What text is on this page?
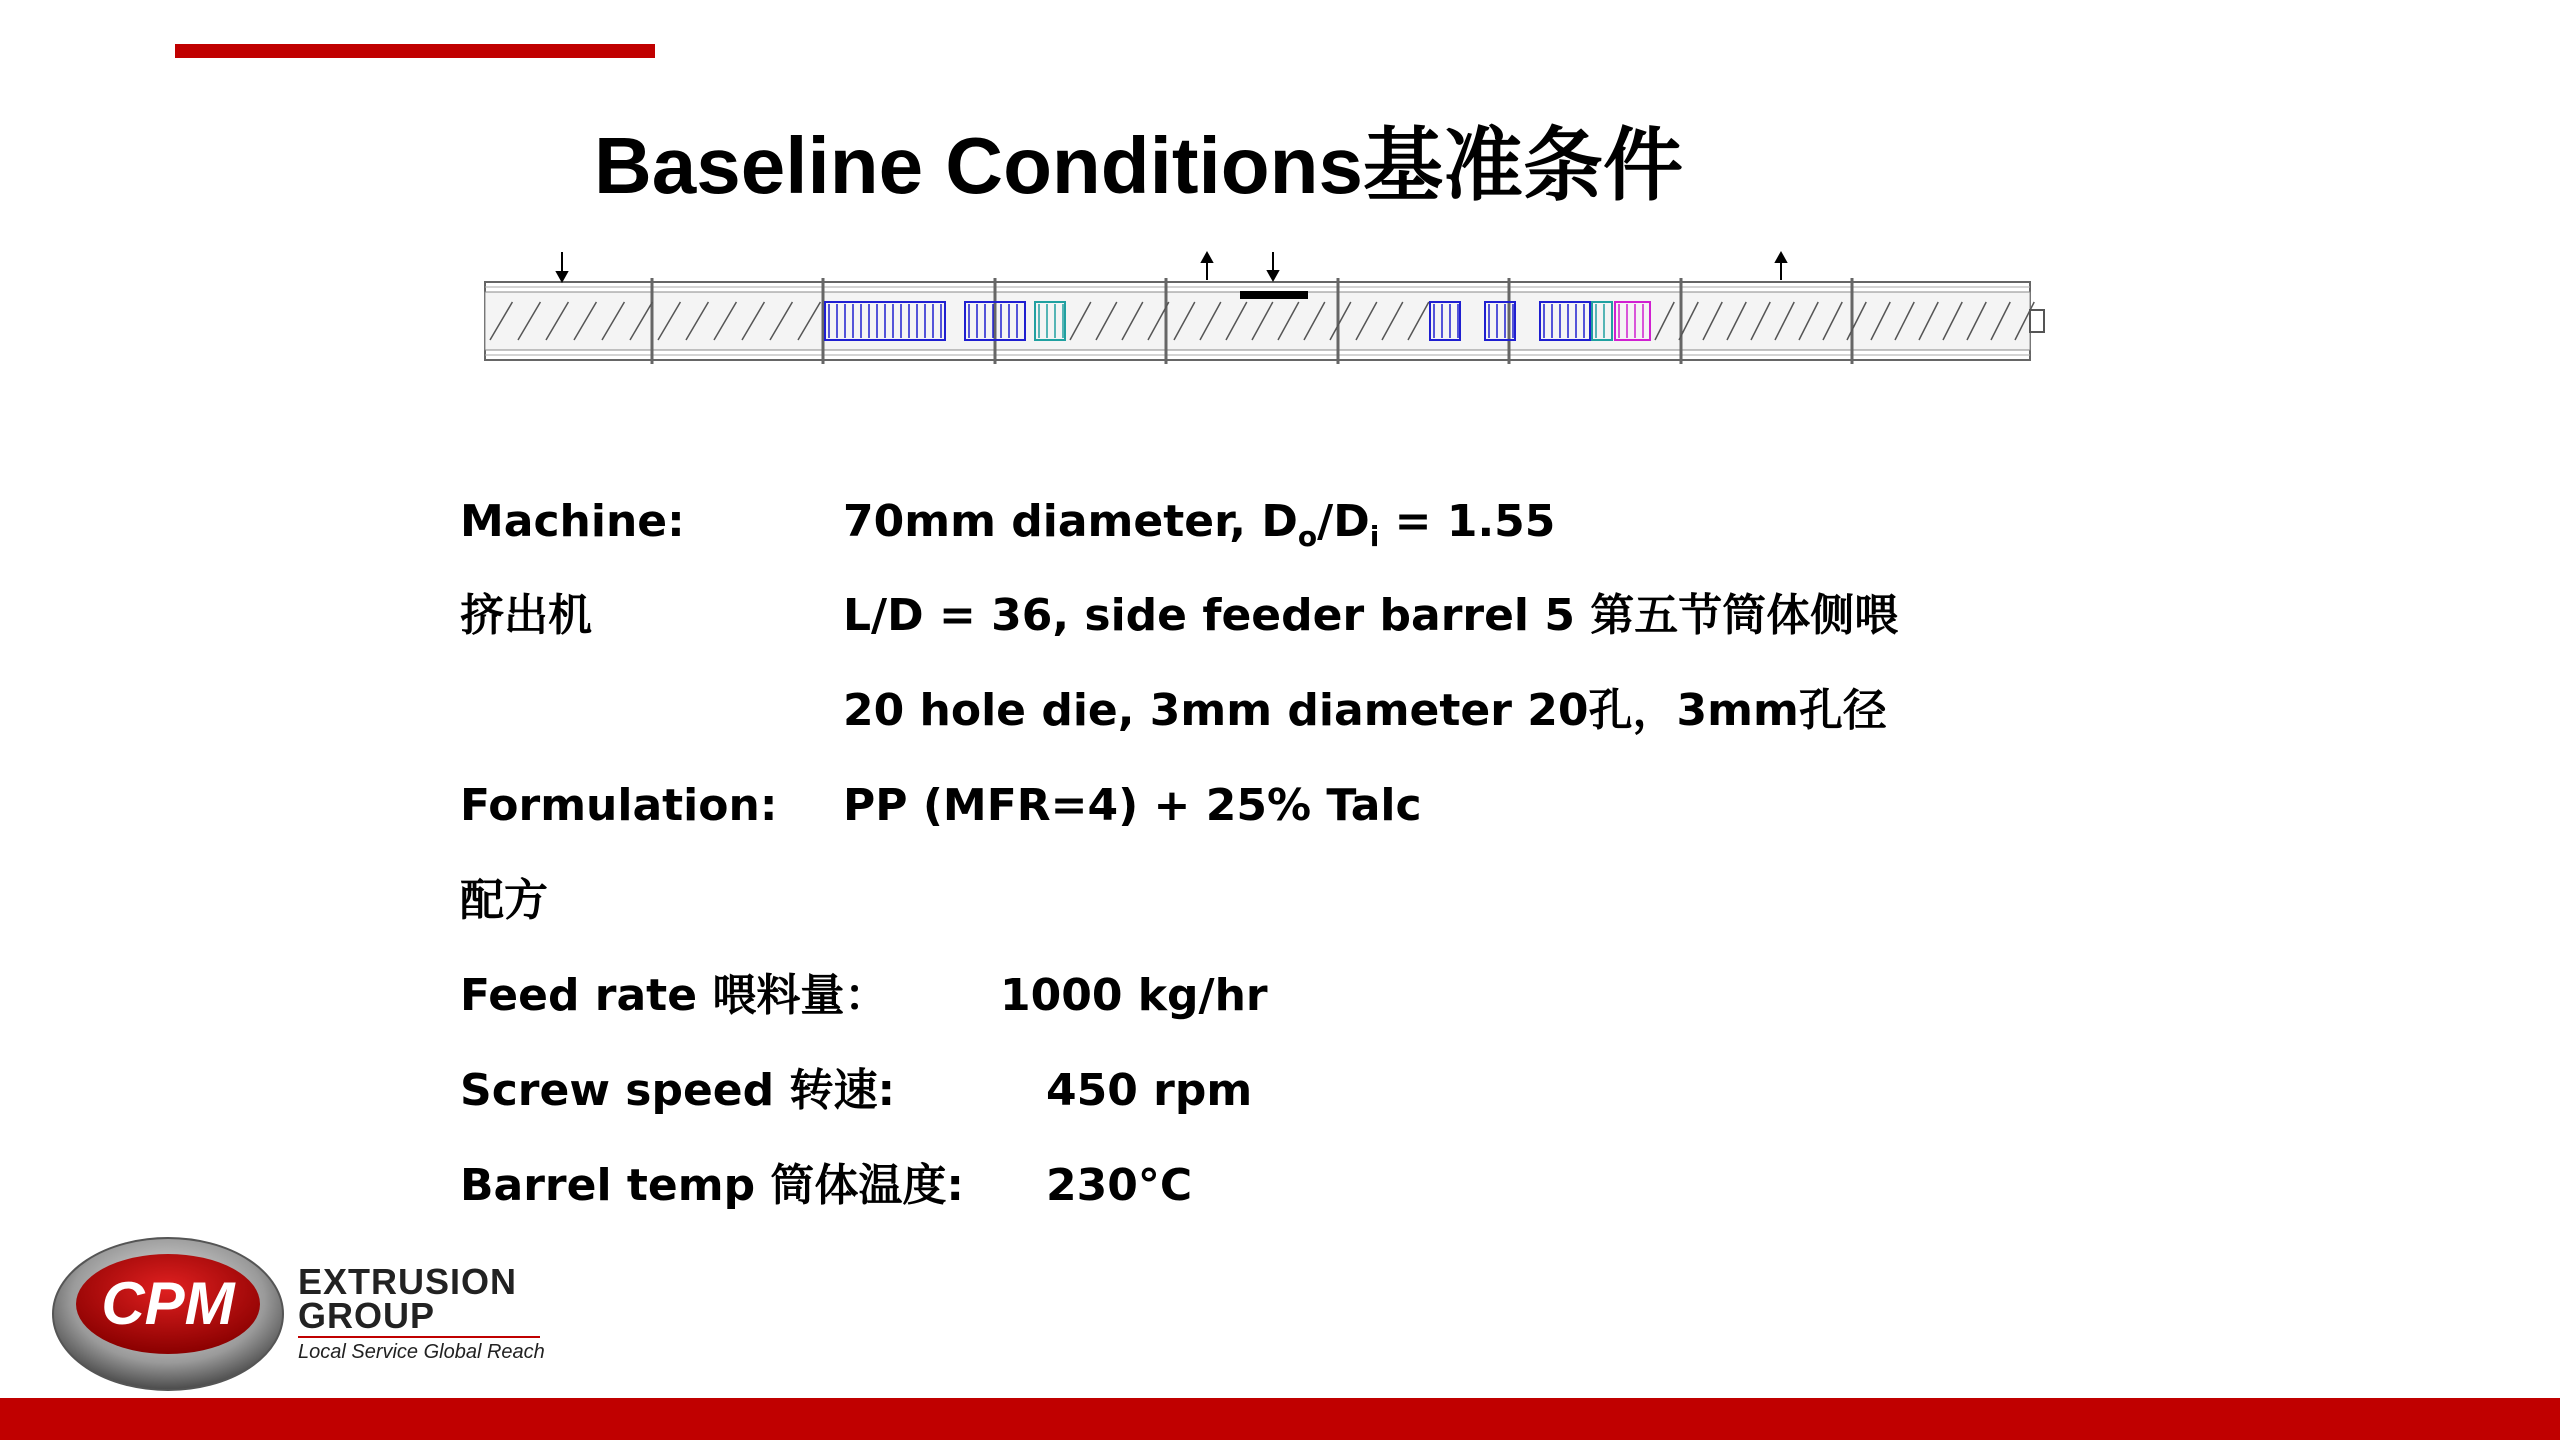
Baseline Conditions基准条件
Machine:	70mm diameter, $D_o/D_i = 1.55$
挤出机	L/D = 36, side feeder barrel 5 第五节筒体侧喂
20 hole die, 3mm diameter 20孔，3mm孔径
Formulation: PP (MFR=4) + 25% Talc
配方
Feed rate 喂料量：	1000 kg/hr
Screw speed 转速:	450 rpm
Barrel temp 筒体温度: 230°C
CPM EXTRUSION
GROUP
Local Service Global Reach
